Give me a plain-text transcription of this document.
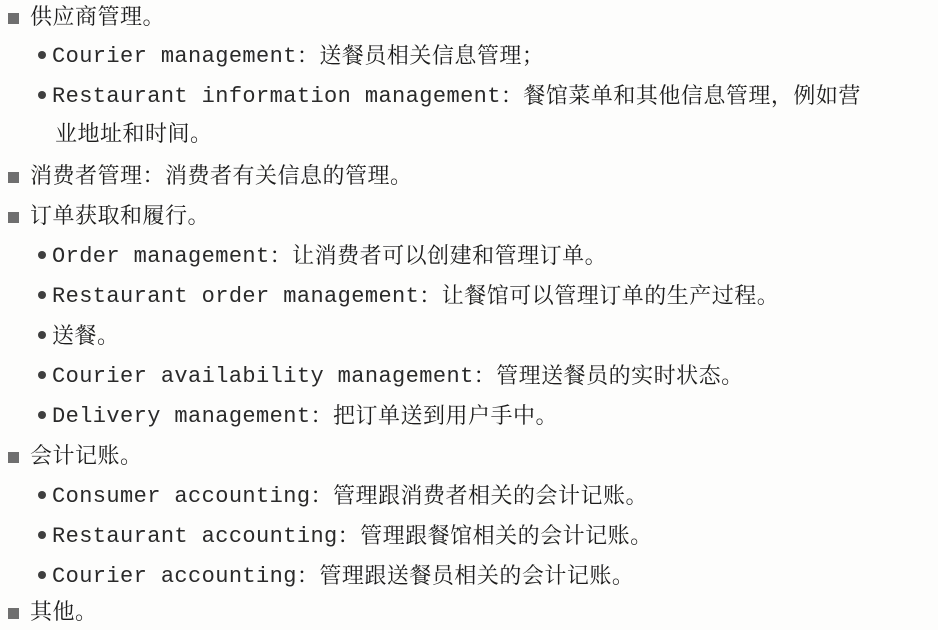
供应商管理。
Courier management ：送餐员相关信息管理；
Restaurant information management ：餐馆菜单和其他信息管理，例如营
业地址和时间。
消费者管理：消费者有关信息的管理。
订单获取和履行。
Order management ：让消费者可以创建和管理订单。
Restaurant order management ：让餐馆可以管理订单的生产过程。
送餐。
Courier availability management ：管理送餐员的实时状态。
Delivery management ：把订单送到用户手中。
会计记账。
Consumer accounting ：管理跟消费者相关的会计记账。
Restaurant accounting ：管理跟餐馆相关的会计记账。
Courier accounting ：管理跟送餐员相关的会计记账。
其他。
